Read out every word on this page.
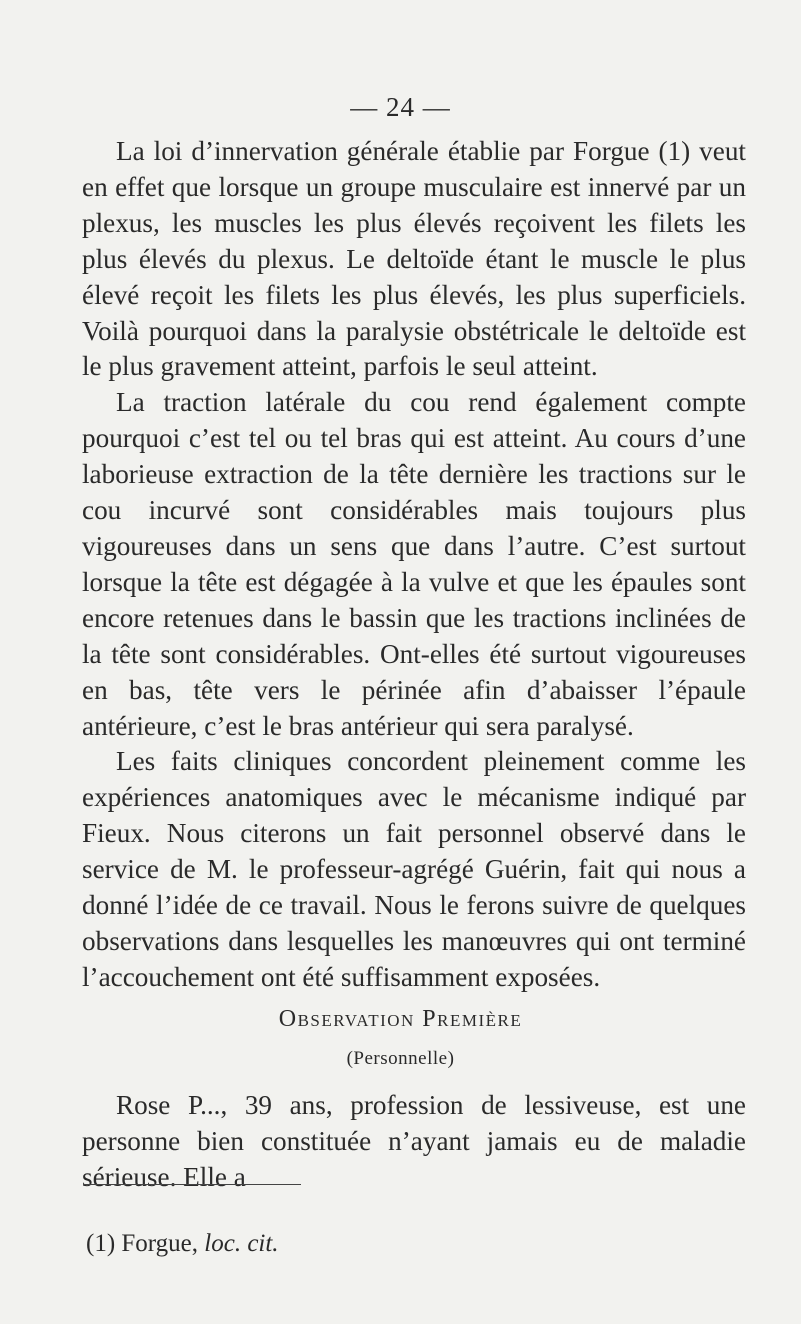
— 24 —

La loi d’innervation générale établie par Forgue (1) veut en effet que lorsque un groupe musculaire est innervé par un plexus, les muscles les plus élevés reçoivent les filets les plus élevés du plexus. Le deltoïde étant le muscle le plus élevé reçoit les filets les plus élevés, les plus superficiels. Voilà pourquoi dans la paralysie obstétricale le deltoïde est le plus gravement atteint, parfois le seul atteint.

La traction latérale du cou rend également compte pourquoi c’est tel ou tel bras qui est atteint. Au cours d’une laborieuse extraction de la tête dernière les tractions sur le cou incurvé sont considérables mais toujours plus vigoureuses dans un sens que dans l’autre. C’est surtout lorsque la tête est dégagée à la vulve et que les épaules sont encore retenues dans le bassin que les tractions inclinées de la tête sont considérables. Ont-elles été surtout vigoureuses en bas, tête vers le périnée afin d’abaisser l’épaule antérieure, c’est le bras antérieur qui sera paralysé.

Les faits cliniques concordent pleinement comme les expériences anatomiques avec le mécanisme indiqué par Fieux. Nous citerons un fait personnel observé dans le service de M. le professeur-agrégé Guérin, fait qui nous a donné l’idée de ce travail. Nous le ferons suivre de quelques observations dans lesquelles les manœuvres qui ont terminé l’accouchement ont été suffisamment exposées.

Observation Première
(Personnelle)

Rose P..., 39 ans, profession de lessiveuse, est une personne bien constituée n’ayant jamais eu de maladie sérieuse. Elle a

(1) Forgue, loc. cit.
